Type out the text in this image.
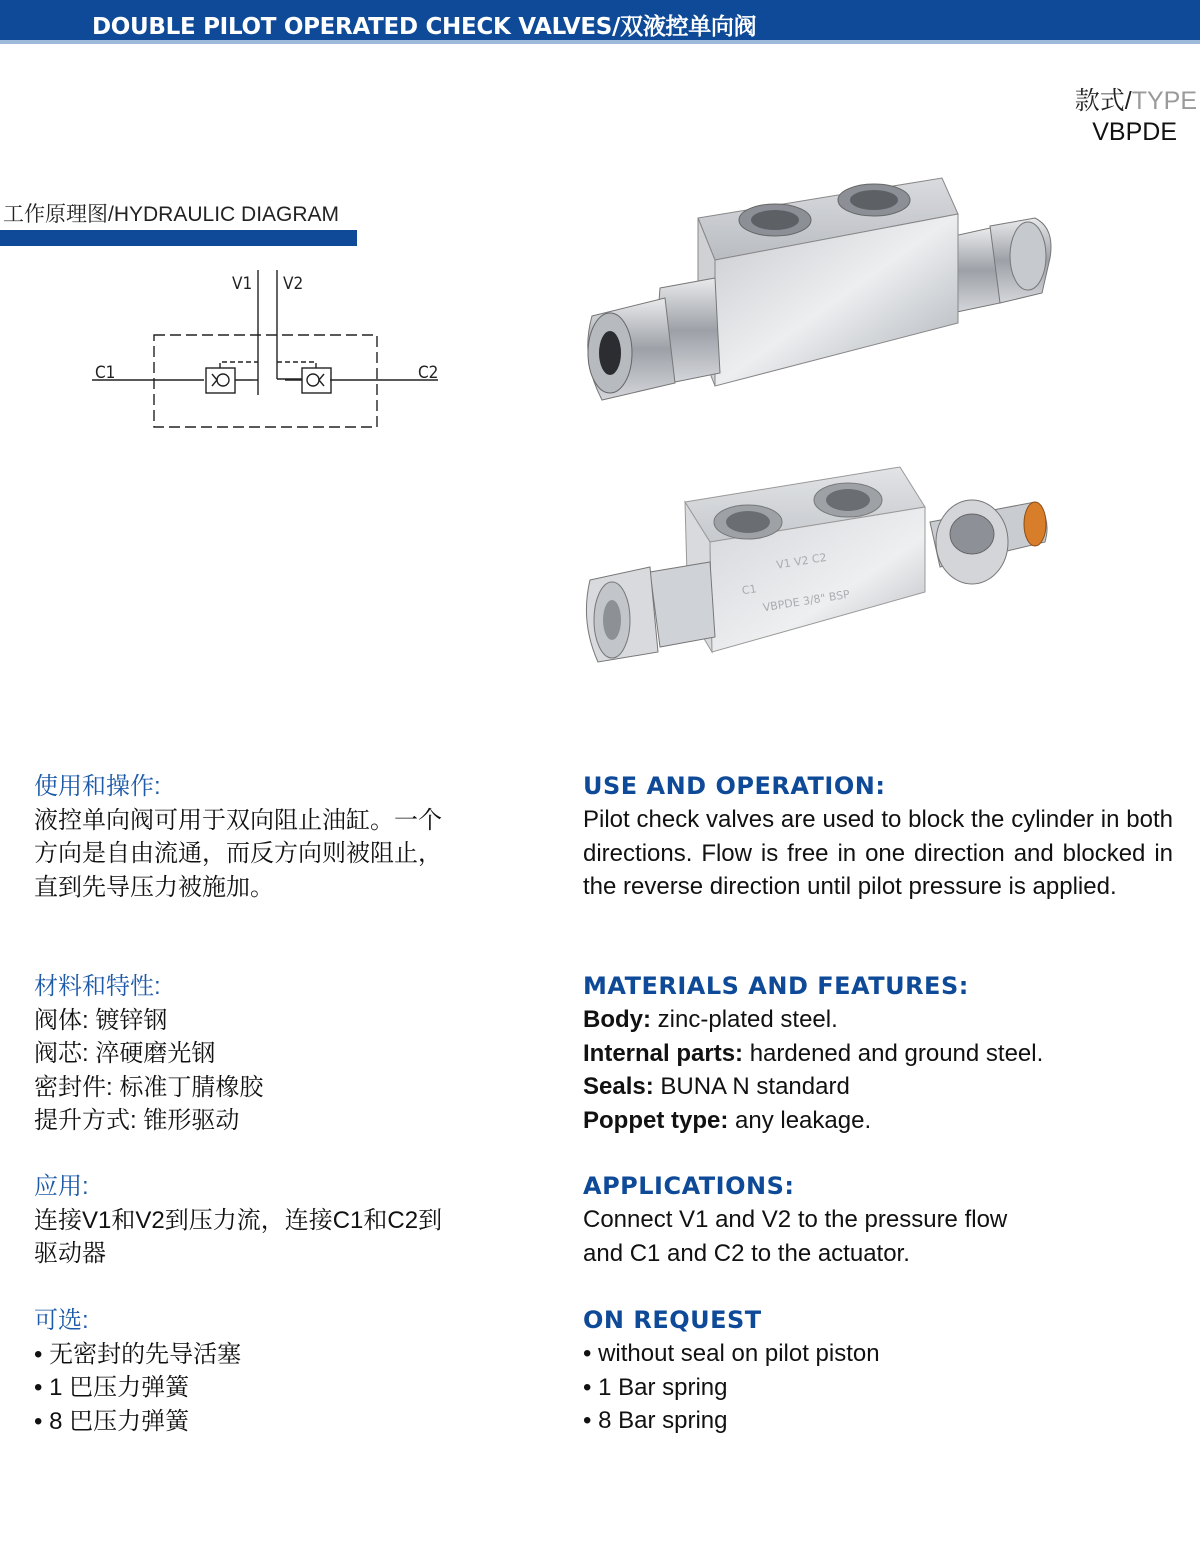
DOUBLE PILOT OPERATED CHECK VALVES/双液控单向阀
款式/TYPE
VBPDE
工作原理图/HYDRAULIC DIAGRAM
V1 V2
C1	C2
V1 V2 C2
C1 VBPDE 3/8" BSP
使用和操作:
液控单向阀可用于双向阻止油缸。一个
方向是自由流通，而反方向则被阻止，
直到先导压力被施加。
材料和特性:
阀体: 镀锌钢
阀芯: 淬硬磨光钢
密封件: 标准丁腈橡胶
提升方式: 锥形驱动
应用:
连接V1和V2到压力流，连接C1和C2到
驱动器
可选:
• 无密封的先导活塞
• 1 巴压力弹簧
• 8 巴压力弹簧
USE AND OPERATION:
Pilot check valves are used to block the cylinder in both directions. Flow is free in one direction and blocked in the reverse direction until pilot pressure is applied.
MATERIALS AND FEATURES:
Body: zinc-plated steel.
Internal parts: hardened and ground steel.
Seals: BUNA N standard
Poppet type: any leakage.
APPLICATIONS:
Connect V1 and V2 to the pressure flow
and C1 and C2 to the actuator.
ON REQUEST
• without seal on pilot piston
• 1 Bar spring
• 8 Bar spring
